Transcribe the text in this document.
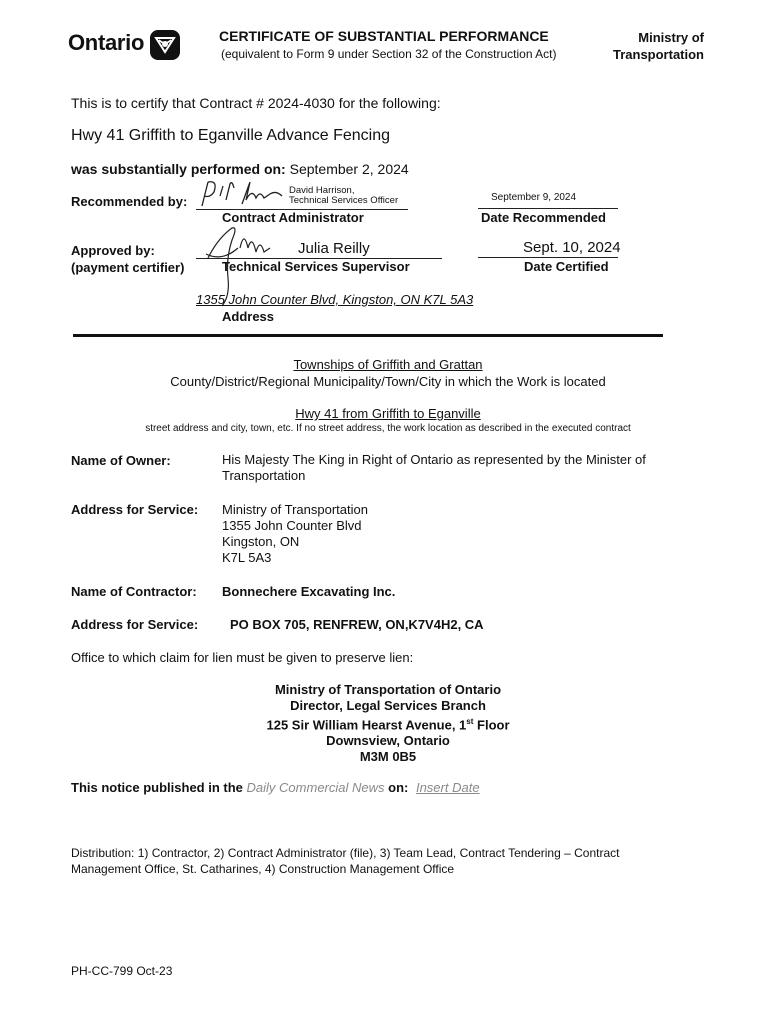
Ontario	CERTIFICATE OF SUBSTANTIAL PERFORMANCE
(equivalent to Form 9 under Section 32 of the Construction Act)
Ministry of
Transportation
This is to certify that Contract # 2024-4030 for the following:
Hwy 41 Griffith to Eganville Advance Fencing
was substantially performed on: September 2, 2024
Recommended by:
David Harrison,
Technical Services Officer
Contract Administrator
September 9, 2024
Date Recommended
Approved by:
(payment certifier)
Julia Reilly
Technical Services Supervisor
Sept. 10, 2024
Date Certified
1355 John Counter Blvd, Kingston, ON K7L 5A3
Address
Townships of Griffith and Grattan
County/District/Regional Municipality/Town/City in which the Work is located
Hwy 41 from Griffith to Eganville
street address and city, town, etc. If no street address, the work location as described in the executed contract
Name of Owner:	His Majesty The King in Right of Ontario as represented by the Minister of
Transportation
Address for Service: Ministry of Transportation
1355 John Counter Blvd
Kingston, ON
K7L 5A3
Name of Contractor: Bonnechere Excavating Inc.
Address for Service: PO BOX 705, RENFREW, ON,K7V4H2, CA
Office to which claim for lien must be given to preserve lien:
Ministry of Transportation of Ontario
Director, Legal Services Branch
125 Sir William Hearst Avenue, 1st Floor
Downsview, Ontario
M3M 0B5
This notice published in the Daily Commercial News on: Insert Date
Distribution: 1) Contractor, 2) Contract Administrator (file), 3) Team Lead, Contract Tendering – Contract
Management Office, St. Catharines, 4) Construction Management Office
PH-CC-799 Oct-23
